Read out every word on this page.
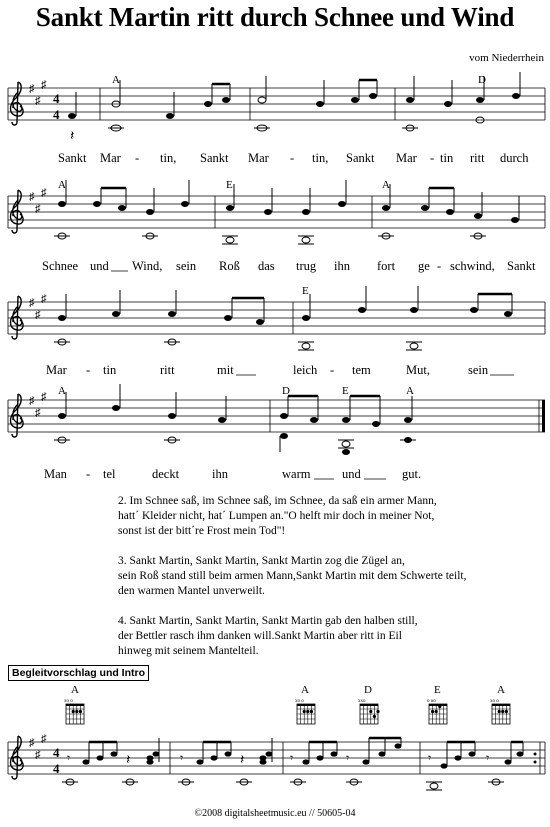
Sankt Martin ritt durch Schnee und Wind
vom Niederrhein
♯
♯
♯
4
4
𝄽
A	D
Sankt Mar - tin, Sankt Mar - tin, Sankt Mar - tin ritt durch
♯
♯
♯
A	E	A
Schnee und Wind, sein Roß das trug ihn fort ge - schwind, Sankt
♯
♯
♯
E
Mar - tin	ritt	mit	leich - tem	Mut,	sein
♯
♯
♯ A	D	E	A
Man - tel	deckt	ihn	warm	und	gut.
A
xo o
A
xo o
D
xxo
E
o oo
A
xo o
♯
♯
♯
4
4
𝄾	𝄽	𝄾	𝄽	𝄾	𝄾	𝄾	𝄾
2. Im Schnee saß, im Schnee saß, im Schnee, da saß ein armer Mann,
hatt´ Kleider nicht, hat´ Lumpen an."O helft mir doch in meiner Not,
sonst ist der bitt´re Frost mein Tod"!
3. Sankt Martin, Sankt Martin, Sankt Martin zog die Zügel an,
sein Roß stand still beim armen Mann,Sankt Martin mit dem Schwerte teilt,
den warmen Mantel unverweilt.
4. Sankt Martin, Sankt Martin, Sankt Martin gab den halben still,
der Bettler rasch ihm danken will.Sankt Martin aber ritt in Eil
hinweg mit seinem Mantelteil.
Begleitvorschlag und Intro
©2008 digitalsheetmusic.eu // 50605-04
